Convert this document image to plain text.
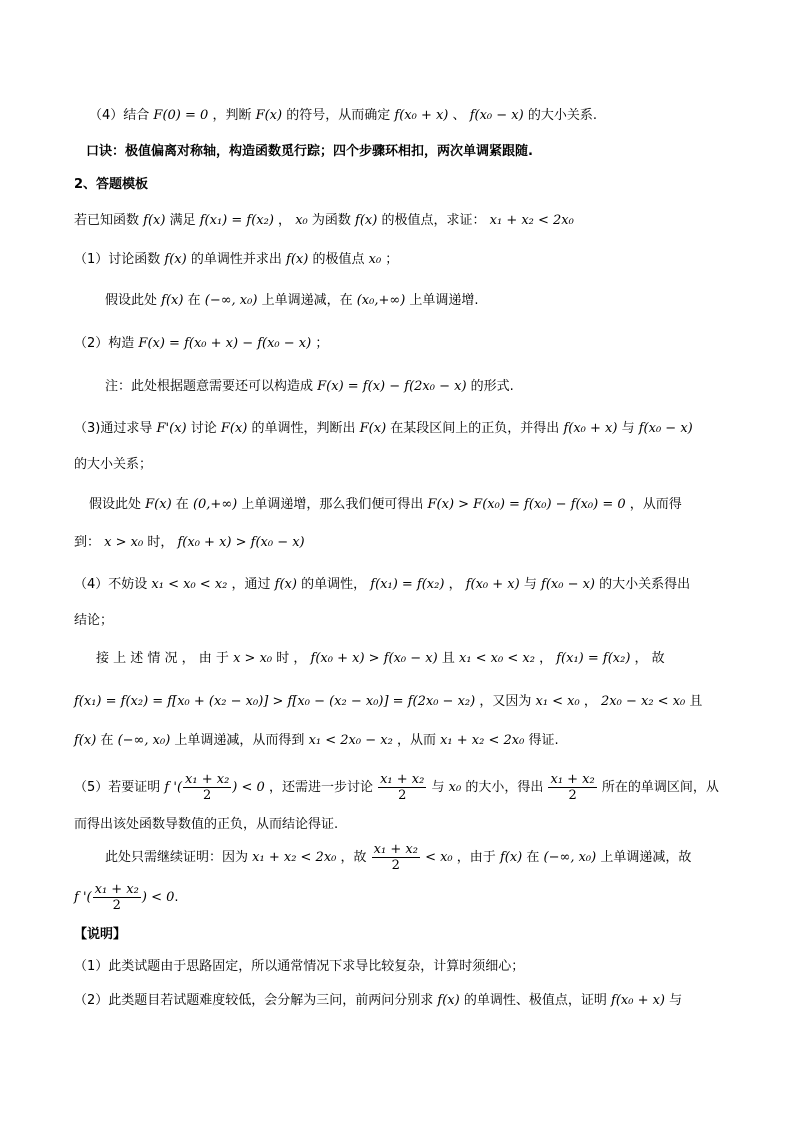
（4）结合 F(0) = 0 ，判断 F(x) 的符号，从而确定 f(x₀ + x) 、 f(x₀ − x) 的大小关系.
口诀：极值偏离对称轴，构造函数觅行踪；四个步骤环相扣，两次单调紧跟随.
2、答题模板
若已知函数 f(x) 满足 f(x₁) = f(x₂) ， x₀ 为函数 f(x) 的极值点，求证： x₁ + x₂ < 2x₀
（1）讨论函数 f(x) 的单调性并求出 f(x) 的极值点 x₀ ；
假设此处 f(x) 在 (−∞, x₀) 上单调递减，在 (x₀,+∞) 上单调递增.
（2）构造 F(x) = f(x₀ + x) − f(x₀ − x) ；
注：此处根据题意需要还可以构造成 F(x) = f(x) − f(2x₀ − x) 的形式.
（3)通过求导 F'(x) 讨论 F(x) 的单调性，判断出 F(x) 在某段区间上的正负，并得出 f(x₀ + x) 与 f(x₀ − x)
的大小关系；
假设此处 F(x) 在 (0,+∞) 上单调递增，那么我们便可得出 F(x) > F(x₀) = f(x₀) − f(x₀) = 0 ，从而得
到： x > x₀ 时， f(x₀ + x) > f(x₀ − x)
（4）不妨设 x₁ < x₀ < x₂ ，通过 f(x) 的单调性， f(x₁) = f(x₂) ， f(x₀ + x) 与 f(x₀ − x) 的大小关系得出
结论；
接 上 述 情 况 ， 由 于 x > x₀ 时 ， f(x₀ + x) > f(x₀ − x) 且 x₁ < x₀ < x₂ ， f(x₁) = f(x₂) ， 故
f(x₁) = f(x₂) = f[x₀ + (x₂ − x₀)] > f[x₀ − (x₂ − x₀)] = f(2x₀ − x₂) ，又因为 x₁ < x₀ ， 2x₀ − x₂ < x₀ 且
f(x) 在 (−∞, x₀) 上单调递减，从而得到 x₁ < 2x₀ − x₂ ，从而 x₁ + x₂ < 2x₀ 得证.
（5）若要证明 f '( $\frac{\text{x₁ + x₂}}{2}$ ) < 0 ，还需进一步讨论 $\frac{\text{x₁ + x₂}}{2}$ 与 x₀ 的大小，得出 $\frac{\text{x₁ + x₂}}{2}$ 所在的单调区间，从
而得出该处函数导数值的正负，从而结论得证.
此处只需继续证明：因为 x₁ + x₂ < 2x₀ ，故 $\frac{\text{x₁ + x₂}}{2} < x_0$ ，由于 f(x) 在 (−∞, x₀) 上单调递减，故
f '( $\frac{\text{x₁ + x₂}}{2}$ ) < 0.
【说明】
（1）此类试题由于思路固定，所以通常情况下求导比较复杂，计算时须细心；
（2）此类题目若试题难度较低，会分解为三问，前两问分别求 f(x) 的单调性、极值点，证明 f(x₀ + x) 与
